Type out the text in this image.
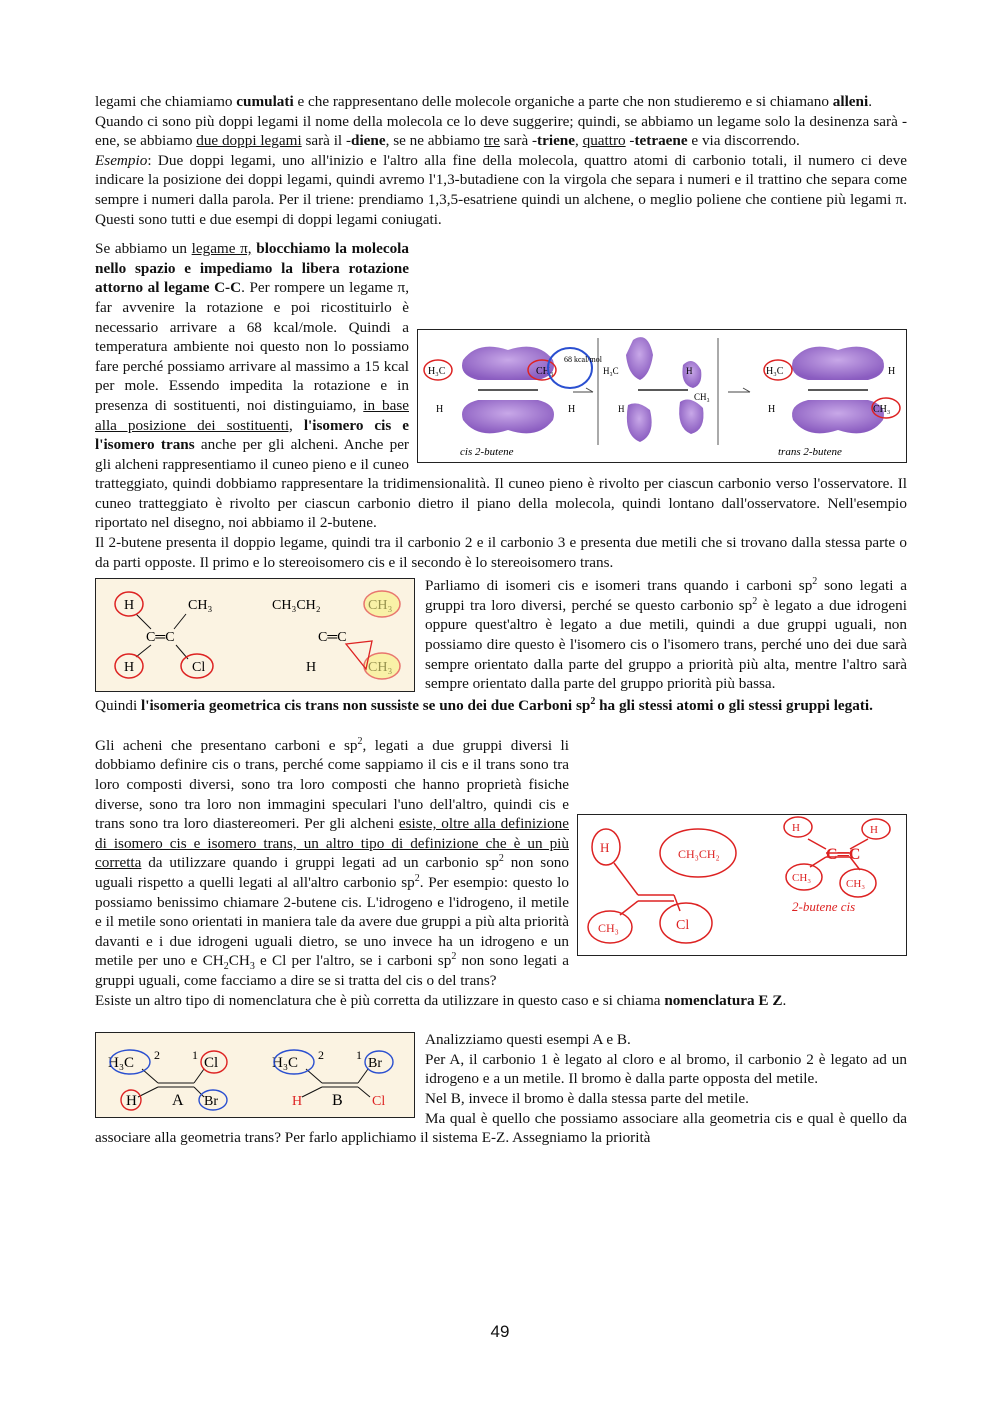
legami che chiamiamo cumulati e che rappresentano delle molecole organiche a parte che non studieremo e si chiamano alleni.

Quando ci sono più doppi legami il nome della molecola ce lo deve suggerire; quindi, se abbiamo un legame solo la desinenza sarà -ene, se abbiamo due doppi legami sarà il -diene, se ne abbiamo tre sarà -triene, quattro -tetraene e via discorrendo.

Esempio: Due doppi legami, uno all'inizio e l'altro alla fine della molecola, quattro atomi di carbonio totali, il numero ci deve indicare la posizione dei doppi legami, quindi avremo l'1,3-butadiene con la virgola che separa i numeri e il trattino che separa come sempre i numeri dalla parola. Per il triene: prendiamo 1,3,5-esatriene quindi un alchene, o meglio poliene che contiene più legami π. Questi sono tutti e due esempi di doppi legami coniugati.

H₃C	CH₃
H	H
68 kcal/mol
H₃C
CH₃
H
H	H₃C
CH₃
H
H
cis 2-butene	trans 2-butene

Se abbiamo un legame π, blocchiamo la molecola nello spazio e impediamo la libera rotazione attorno al legame C-C. Per rompere un legame π, far avvenire la rotazione e poi ricostituirlo è necessario arrivare a 68 kcal/mole. Quindi a temperatura ambiente noi questo non lo possiamo fare perché possiamo arrivare al massimo a 15 kcal per mole. Essendo impedita la rotazione e in presenza di sostituenti, noi distinguiamo, in base alla posizione dei sostituenti, l'isomero cis e l'isomero trans anche per gli alcheni. Anche per gli alcheni rappresentiamo il cuneo pieno e il cuneo tratteggiato, quindi dobbiamo rappresentare la tridimensionalità. Il cuneo pieno è rivolto per ciascun carbonio verso l'osservatore. Il cuneo tratteggiato è rivolto per ciascun carbonio dietro il piano della molecola, quindi lontano dall'osservatore. Nell'esempio riportato nel disegno, noi abbiamo il 2-butene.

Il 2-butene presenta il doppio legame, quindi tra il carbonio 2 e il carbonio 3 e presenta due metili che si trovano dalla stessa parte o da parti opposte. Il primo e lo stereoisomero cis e il secondo è lo stereoisomero trans.

H	CH₃
H	Cl
C═C
CH₃CH₂
H
C═C

Parliamo di isomeri cis e isomeri trans quando i carboni $sp^2$ sono legati a gruppi tra loro diversi, perché se questo carbonio $sp^2$ è legato a due idrogeni oppure quest'altro è legato a due metili, quindi a due gruppi uguali, non possiamo dire questo è l'isomero cis o l'isomero trans, perché uno dei due sarà sempre orientato dalla parte del gruppo a priorità più alta, mentre l'altro sarà sempre orientato dalla parte del gruppo priorità più bassa.

Quindi l'isomeria geometrica cis trans non sussiste se uno dei due Carboni $sp^2$ ha gli stessi atomi o gli stessi gruppi legati.

H	CH₃CH₂
CH₃	Cl
H	H
C═C
CH₃	CH₃
2-butene cis

Gli acheni che presentano carboni e $sp^2$, legati a due gruppi diversi li dobbiamo definire cis o trans, perché come sappiamo il cis e il trans sono tra loro composti diversi, sono tra loro composti che hanno proprietà fisiche diverse, sono tra loro non immagini speculari l'uno dell'altro, quindi cis e trans sono tra loro diastereomeri. Per gli alcheni esiste, oltre alla definizione di isomero cis e isomero trans, un altro tipo di definizione che è un più corretta da utilizzare quando i gruppi legati ad un carbonio $sp^2$ non sono uguali rispetto a quelli legati al all'altro carbonio $sp^2$. Per esempio: questo lo possiamo benissimo chiamare 2-butene cis. L'idrogeno e l'idrogeno, il metile e il metile sono orientati in maniera tale da avere due gruppi a più alta priorità davanti e i due idrogeni uguali dietro, se uno invece ha un idrogeno e un metile per uno e $CH_2CH_3$ e Cl per l'altro, se i carboni $sp^2$ non sono legati a gruppi uguali, come facciamo a dire se si tratta del cis o del trans?

Esiste un altro tipo di nomenclatura che è più corretta da utilizzare in questo caso e si chiama nomenclatura E Z.

H₃C 2	1 Cl
H A Br
H₃C 2	1
Br
H B Cl

Analizziamo questi esempi A e B.

Per A, il carbonio 1 è legato al cloro e al bromo, il carbonio 2 è legato ad un idrogeno e a un metile. Il bromo è dalla parte opposta del metile.

Nel B, invece il bromo è dalla stessa parte del metile.

Ma qual è quello che possiamo associare alla geometria cis e qual è quello da associare alla geometria trans? Per farlo applichiamo il sistema E-Z. Assegniamo la priorità

49
